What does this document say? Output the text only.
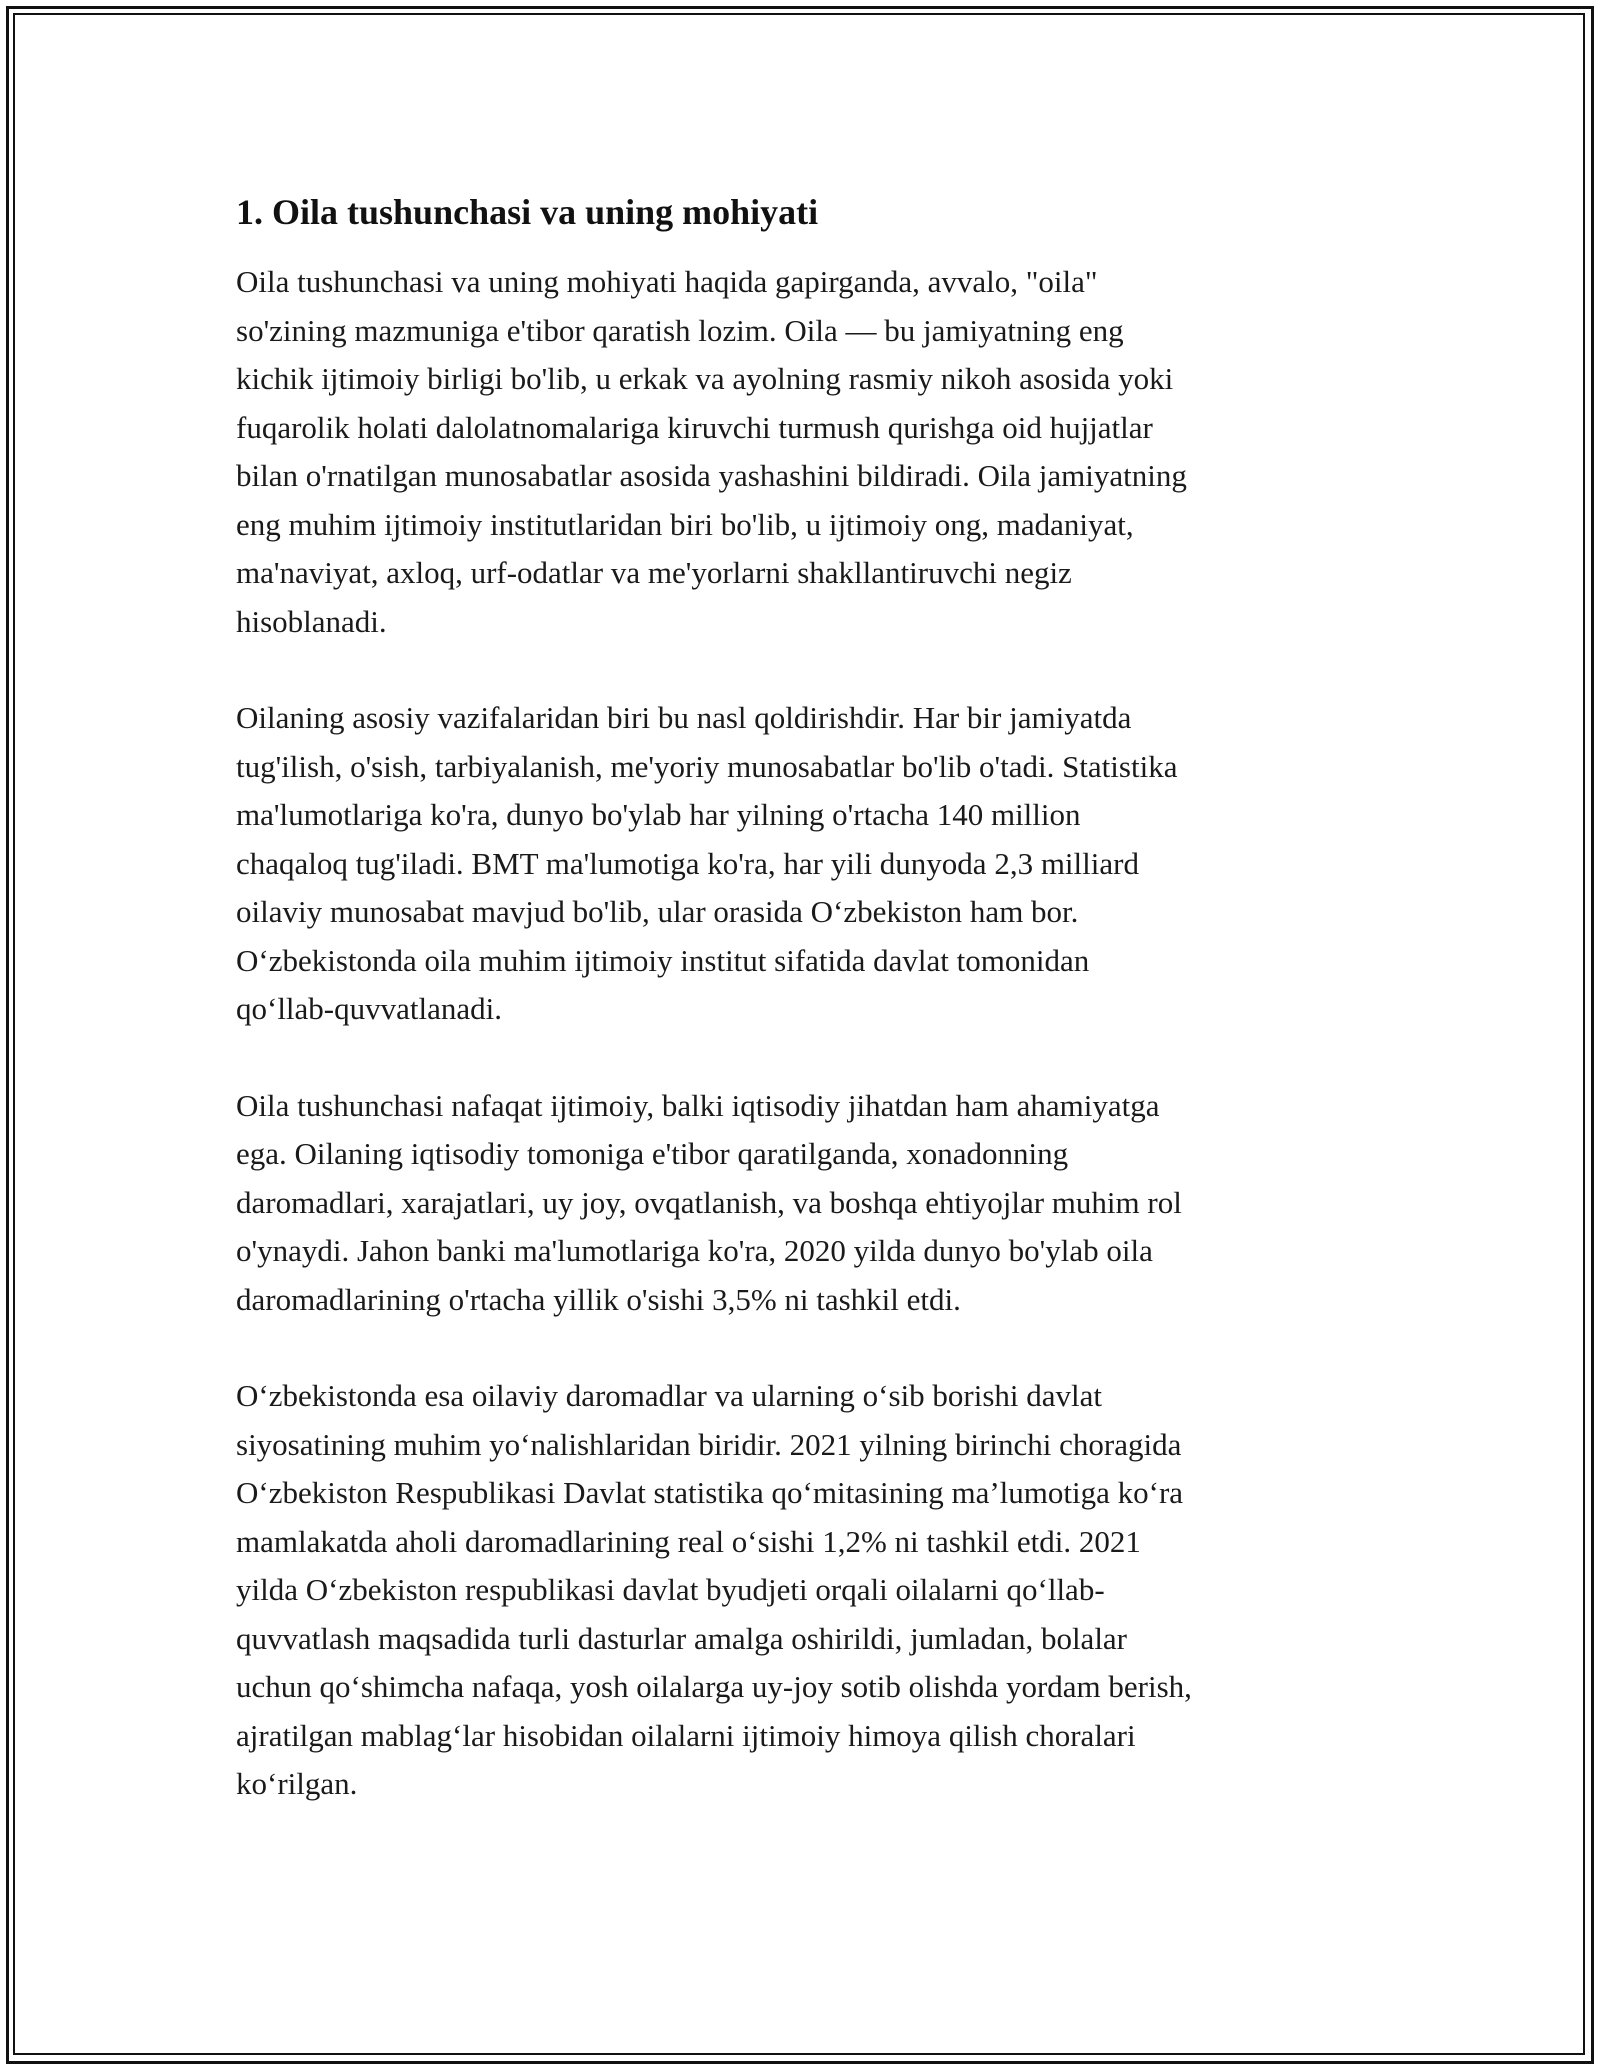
1. Oila tushunchasi va uning mohiyati
Oila tushunchasi va uning mohiyati haqida gapirganda, avvalo, "oila"
so'zining mazmuniga e'tibor qaratish lozim. Oila — bu jamiyatning eng
kichik ijtimoiy birligi bo'lib, u erkak va ayolning rasmiy nikoh asosida yoki
fuqarolik holati dalolatnomalariga kiruvchi turmush qurishga oid hujjatlar
bilan o'rnatilgan munosabatlar asosida yashashini bildiradi. Oila jamiyatning
eng muhim ijtimoiy institutlaridan biri bo'lib, u ijtimoiy ong, madaniyat,
ma'naviyat, axloq, urf-odatlar va me'yorlarni shakllantiruvchi negiz
hisoblanadi.
Oilaning asosiy vazifalaridan biri bu nasl qoldirishdir. Har bir jamiyatda
tug'ilish, o'sish, tarbiyalanish, me'yoriy munosabatlar bo'lib o'tadi. Statistika
ma'lumotlariga ko'ra, dunyo bo'ylab har yilning o'rtacha 140 million
chaqaloq tug'iladi. BMT ma'lumotiga ko'ra, har yili dunyoda 2,3 milliard
oilaviy munosabat mavjud bo'lib, ular orasida O‘zbekiston ham bor.
O‘zbekistonda oila muhim ijtimoiy institut sifatida davlat tomonidan
qo‘llab-quvvatlanadi.
Oila tushunchasi nafaqat ijtimoiy, balki iqtisodiy jihatdan ham ahamiyatga
ega. Oilaning iqtisodiy tomoniga e'tibor qaratilganda, xonadonning
daromadlari, xarajatlari, uy joy, ovqatlanish, va boshqa ehtiyojlar muhim rol
o'ynaydi. Jahon banki ma'lumotlariga ko'ra, 2020 yilda dunyo bo'ylab oila
daromadlarining o'rtacha yillik o'sishi 3,5% ni tashkil etdi.
O‘zbekistonda esa oilaviy daromadlar va ularning o‘sib borishi davlat
siyosatining muhim yo‘nalishlaridan biridir. 2021 yilning birinchi choragida
O‘zbekiston Respublikasi Davlat statistika qo‘mitasining ma’lumotiga ko‘ra
mamlakatda aholi daromadlarining real o‘sishi 1,2% ni tashkil etdi. 2021
yilda O‘zbekiston respublikasi davlat byudjeti orqali oilalarni qo‘llab-
quvvatlash maqsadida turli dasturlar amalga oshirildi, jumladan, bolalar
uchun qo‘shimcha nafaqa, yosh oilalarga uy-joy sotib olishda yordam berish,
ajratilgan mablag‘lar hisobidan oilalarni ijtimoiy himoya qilish choralari
ko‘rilgan.
